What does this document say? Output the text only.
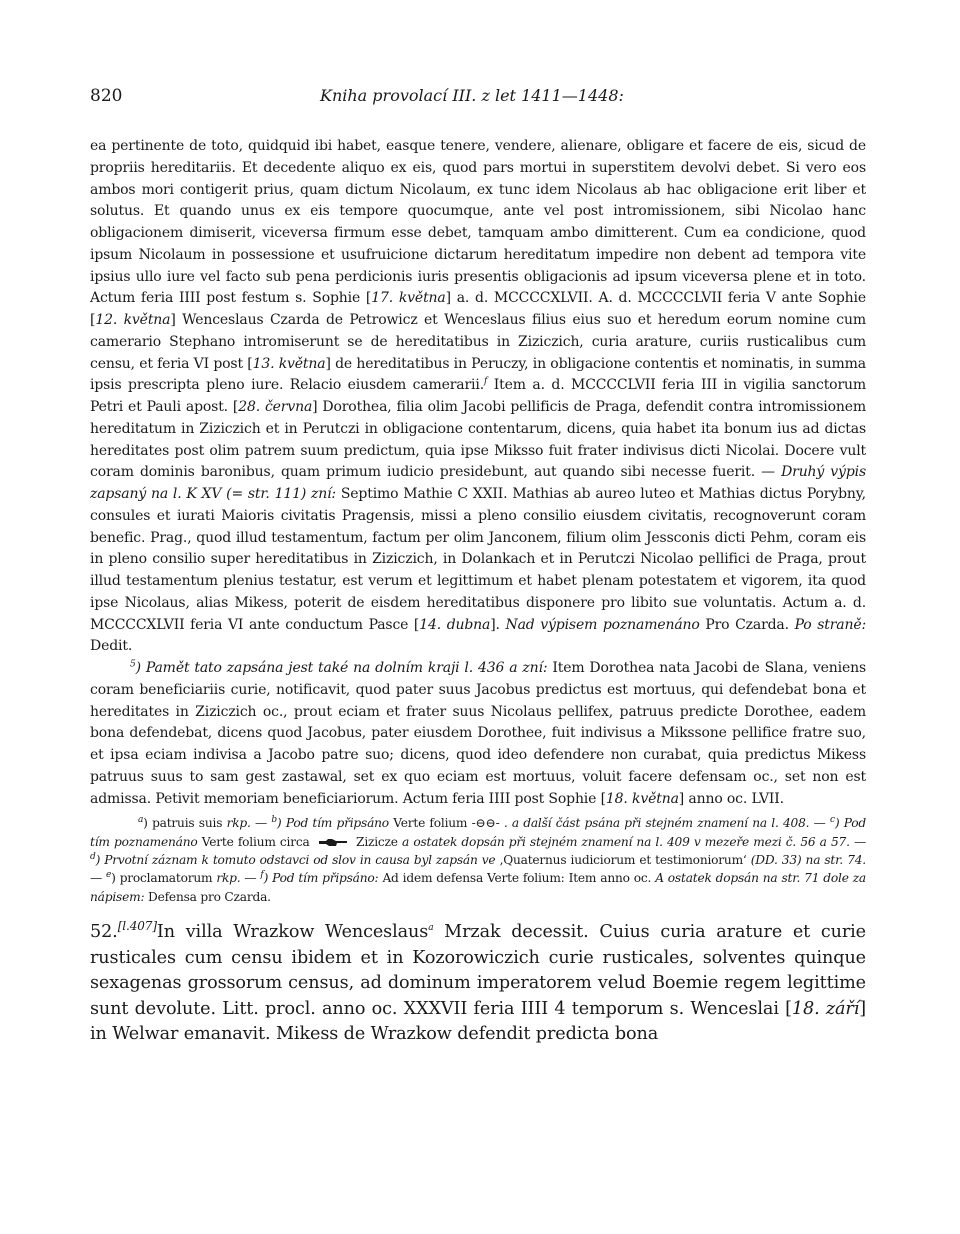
820	Kniha provolací III. z let 1411—1448:

ea pertinente de toto, quidquid ibi habet, easque tenere, vendere, alienare, obligare et facere de eis, sicud de propriis hereditariis. Et decedente aliquo ex eis, quod pars mortui in superstitem devolvi debet. Si vero eos ambos mori contigerit prius, quam dictum Nicolaum, ex tunc idem Nicolaus ab hac obligacione erit liber et solutus. Et quando unus ex eis tempore quocumque, ante vel post intromissionem, sibi Nicolao hanc obligacionem dimiserit, viceversa firmum esse debet, tamquam ambo dimitterent. Cum ea condicione, quod ipsum Nicolaum in possessione et usufruicione dictarum hereditatum impedire non debent ad tempora vite ipsius ullo iure vel facto sub pena perdicionis iuris presentis obligacionis ad ipsum viceversa plene et in toto. Actum feria IIII post festum s. Sophie [17. května] a. d. MCCCCXLVII. A. d. MCCCCLVII feria V ante Sophie [12. května] Wenceslaus Czarda de Petrowicz et Wenceslaus filius eius suo et heredum eorum nomine cum camerario Stephano intromiserunt se de hereditatibus in Ziziczich, curia arature, curiis rusticalibus cum censu, et feria VI post [13. května] de hereditatibus in Peruczy, in obligacione contentis et nominatis, in summa ipsis prescripta pleno iure. Relacio eiusdem camerarii.$^f$ Item a. d. MCCCCLVII feria III in vigilia sanctorum Petri et Pauli apost. [28. června] Dorothea, filia olim Jacobi pellificis de Praga, defendit contra intromissionem hereditatum in Ziziczich et in Perutczi in obligacione contentarum, dicens, quia habet ita bonum ius ad dictas hereditates post olim patrem suum predictum, quia ipse Miksso fuit frater indivisus dicti Nicolai. Docere vult coram dominis baronibus, quam primum iudicio presidebunt, aut quando sibi necesse fuerit. — Druhý výpis zapsaný na l. K XV (= str. 111) zní: Septimo Mathie C XXII. Mathias ab aureo luteo et Mathias dictus Porybny, consules et iurati Maioris civitatis Pragensis, missi a pleno consilio eiusdem civitatis, recognoverunt coram benefic. Prag., quod illud testamentum, factum per olim Janconem, filium olim Jessconis dicti Pehm, coram eis in pleno consilio super hereditatibus in Ziziczich, in Dolankach et in Perutczi Nicolao pellifici de Praga, prout illud testamentum plenius testatur, est verum et legittimum et habet plenam potestatem et vigorem, ita quod ipse Nicolaus, alias Mikess, poterit de eisdem hereditatibus disponere pro libito sue voluntatis. Actum a. d. MCCCCXLVII feria VI ante conductum Pasce [14. dubna]. Nad výpisem poznamenáno Pro Czarda. Po straně: Dedit.

$^5$) Pamět tato zapsána jest také na dolním kraji l. 436 a zní: Item Dorothea nata Jacobi de Slana, veniens coram beneficiariis curie, notificavit, quod pater suus Jacobus predictus est mortuus, qui defendebat bona et hereditates in Ziziczich oc., prout eciam et frater suus Nicolaus pellifex, patruus predicte Dorothee, eadem bona defendebat, dicens quod Jacobus, pater eiusdem Dorothee, fuit indivisus a Mikssone pellifice fratre suo, et ipsa eciam indivisa a Jacobo patre suo; dicens, quod ideo defendere non curabat, quia predictus Mikess patruus suus to sam gest zastawal, set ex quo eciam est mortuus, voluit facere defensam oc., set non est admissa. Petivit memoriam beneficiariorum. Actum feria IIII post Sophie [18. května] anno oc. LVII.

$^a$) patruis suis rkp. — $^b$) Pod tím připsáno Verte folium -⊖⊖- . a další část psána při stejném znamení na l. 408. — $^c$) Pod tím poznamenáno Verte folium circa	Zizicze a ostatek dopsán při stejném znamení na l. 409 v mezeře mezi č. 56 a 57. — $^d$) Prvotní záznam k tomuto odstavci od slov in causa byl zapsán ve ‚Quaternus iudiciorum et testimoniorum‘ (DD. 33) na str. 74. — $^e$) proclamatorum rkp. — $^f$) Pod tím připsáno: Ad idem defensa Verte folium: Item anno oc. A ostatek dopsán na str. 71 dole za nápisem: Defensa pro Czarda.

52.[l.407]In villa Wrazkow Wenceslaus$^a$ Mrzak decessit. Cuius curia arature et curie rusticales cum censu ibidem et in Kozorowiczich curie rusticales, solventes quinque sexagenas grossorum census, ad dominum imperatorem velud Boemie regem legittime sunt devolute. Litt. procl. anno oc. XXXVII feria IIII 4 temporum s. Wenceslai [18. září] in Welwar emanavit. Mikess de Wrazkow defendit predicta bona
